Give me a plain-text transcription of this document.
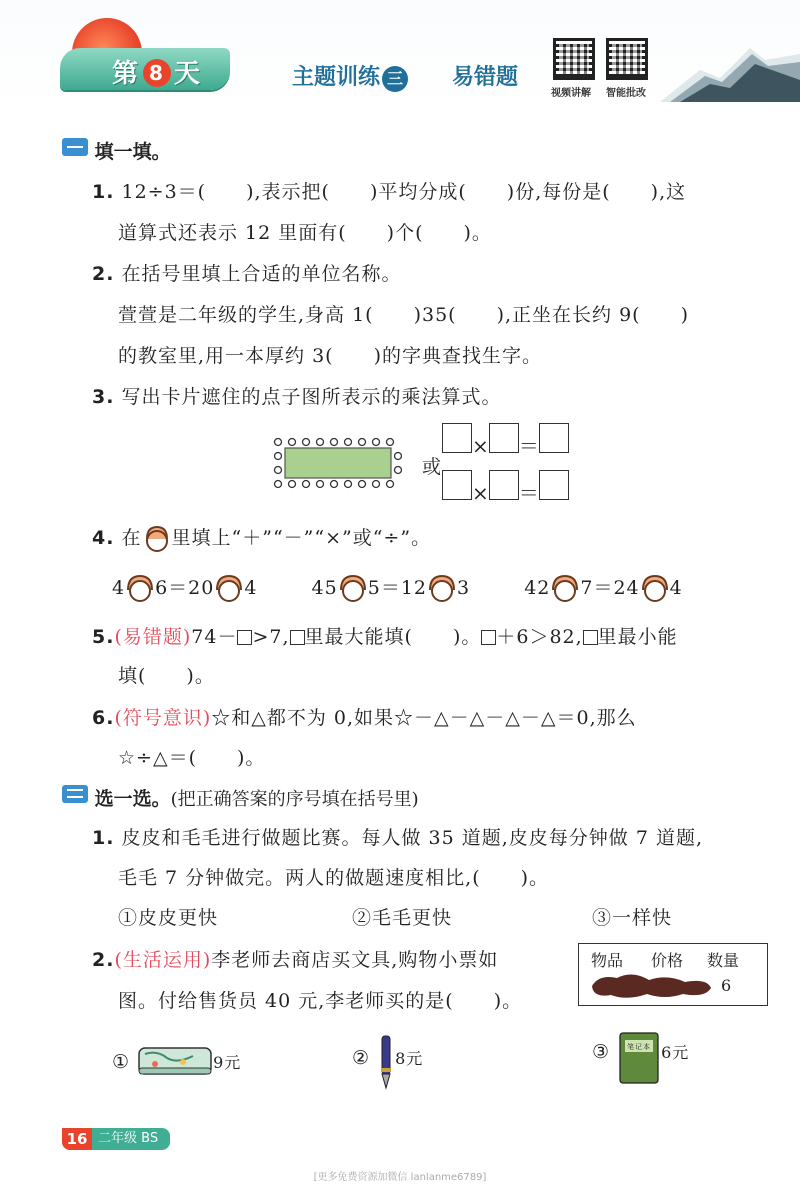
第 8 天	主题训练 三	易错题
视频讲解 智能批改
填一填。
1. 12÷3＝(　　),表示把(　　)平均分成(　　)份,每份是(　　),这
道算式还表示 12 里面有(　　)个(　　)。
2. 在括号里填上合适的单位名称。
萱萱是二年级的学生,身高 1(　　)35(　　),正坐在长约 9(　　)
的教室里,用一本厚约 3(　　)的字典查找生字。
3. 写出卡片遮住的点子图所表示的乘法算式。
或
× ＝
× ＝
4. 在 里填上“＋”“－”“×”或“÷”。
4 6＝20 4	45 5＝12 3	42 7＝24 4
5.(易错题)74－ >7, 里最大能填(　　)。 ＋6＞82, 里最小能
填(　　)。
6.(符号意识)☆和△都不为 0,如果☆－△－△－△－△＝0,那么
☆÷△＝(　　)。
选一选。(把正确答案的序号填在括号里)
1. 皮皮和毛毛进行做题比赛。每人做 35 道题,皮皮每分钟做 7 道题,
毛毛 7 分钟做完。两人的做题速度相比,(　　)。
①皮皮更快	②毛毛更快	③一样快
2.(生活运用)李老师去商店买文具,购物小票如
图。付给售货员 40 元,李老师买的是(　　)。
物品 价格 数量
6
①	9元	② 8元	③ 笔记本 6元
16 二年级 BS
[更多免费资源加微信 lanlanme6789]
